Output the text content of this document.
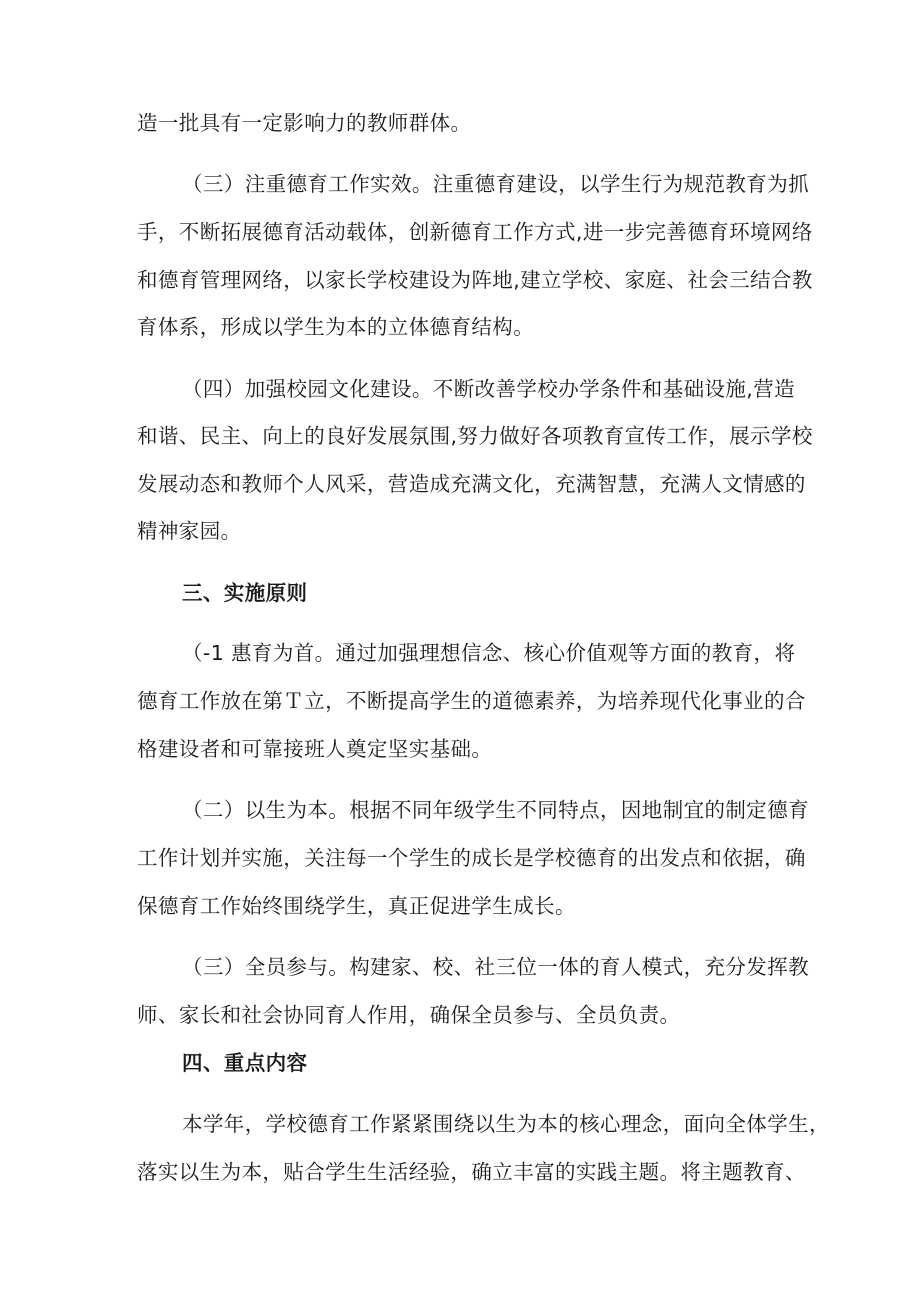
造一批具有一定影响力的教师群体。
（三）注重德育工作实效。注重德育建设，以学生行为规范教育为抓
手，不断拓展德育活动载体，创新德育工作方式,进一步完善德育环境网络
和德育管理网络，以家长学校建设为阵地,建立学校、家庭、社会三结合教
育体系，形成以学生为本的立体德育结构。
（四）加强校园文化建设。不断改善学校办学条件和基础设施,营造
和谐、民主、向上的良好发展氛围,努力做好各项教育宣传工作，展示学校
发展动态和教师个人风采，营造成充满文化，充满智慧，充满人文情感的
精神家园。
三、实施原则
（-1 惠育为首。通过加强理想信念、核心价值观等方面的教育，将
德育工作放在第Ｔ立，不断提高学生的道德素养，为培养现代化事业的合
格建设者和可靠接班人奠定坚实基础。
（二）以生为本。根据不同年级学生不同特点，因地制宜的制定德育
工作计划并实施，关注每一个学生的成长是学校德育的出发点和依据，确
保德育工作始终围绕学生，真正促进学生成长。
（三）全员参与。构建家、校、社三位一体的育人模式，充分发挥教
师、家长和社会协同育人作用，确保全员参与、全员负责。
四、重点内容
本学年，学校德育工作紧紧围绕以生为本的核心理念，面向全体学生，
落实以生为本，贴合学生生活经验，确立丰富的实践主题。将主题教育、
